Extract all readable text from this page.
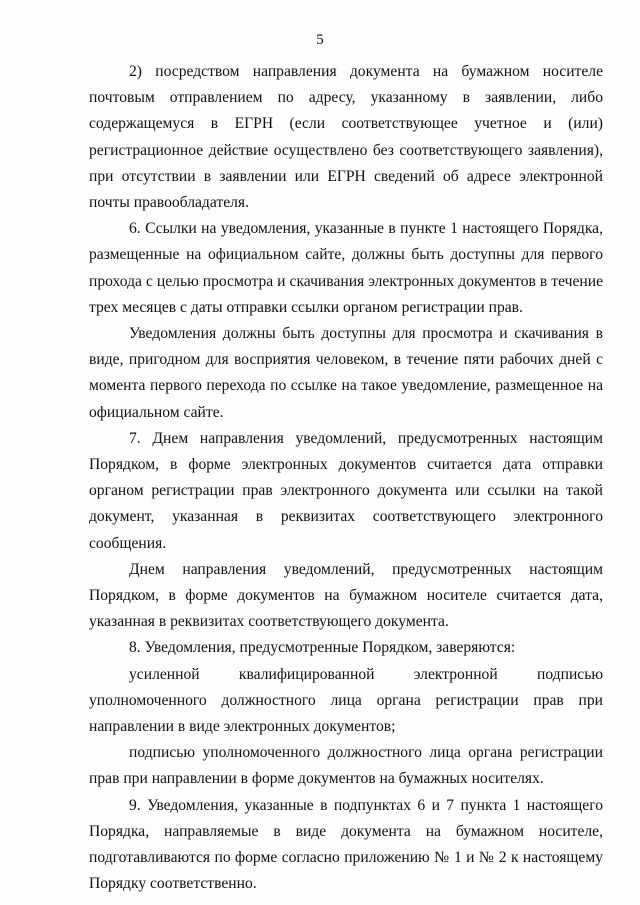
5

2) посредством направления документа на бумажном носителе почтовым отправлением по адресу, указанному в заявлении, либо содержащемуся в ЕГРН (если соответствующее учетное и (или) регистрационное действие осуществлено без соответствующего заявления), при отсутствии в заявлении или ЕГРН сведений об адресе электронной почты правообладателя.

6. Ссылки на уведомления, указанные в пункте 1 настоящего Порядка, размещенные на официальном сайте, должны быть доступны для первого прохода с целью просмотра и скачивания электронных документов в течение трех месяцев с даты отправки ссылки органом регистрации прав.

Уведомления должны быть доступны для просмотра и скачивания в виде, пригодном для восприятия человеком, в течение пяти рабочих дней с момента первого перехода по ссылке на такое уведомление, размещенное на официальном сайте.

7. Днем направления уведомлений, предусмотренных настоящим Порядком, в форме электронных документов считается дата отправки органом регистрации прав электронного документа или ссылки на такой документ, указанная в реквизитах соответствующего электронного сообщения.

Днем направления уведомлений, предусмотренных настоящим Порядком, в форме документов на бумажном носителе считается дата, указанная в реквизитах соответствующего документа.

8. Уведомления, предусмотренные Порядком, заверяются:

усиленной квалифицированной электронной подписью уполномоченного должностного лица органа регистрации прав при направлении в виде электронных документов;

подписью уполномоченного должностного лица органа регистрации прав при направлении в форме документов на бумажных носителях.

9. Уведомления, указанные в подпунктах 6 и 7 пункта 1 настоящего Порядка, направляемые в виде документа на бумажном носителе, подготавливаются по форме согласно приложению № 1 и № 2 к настоящему Порядку соответственно.
